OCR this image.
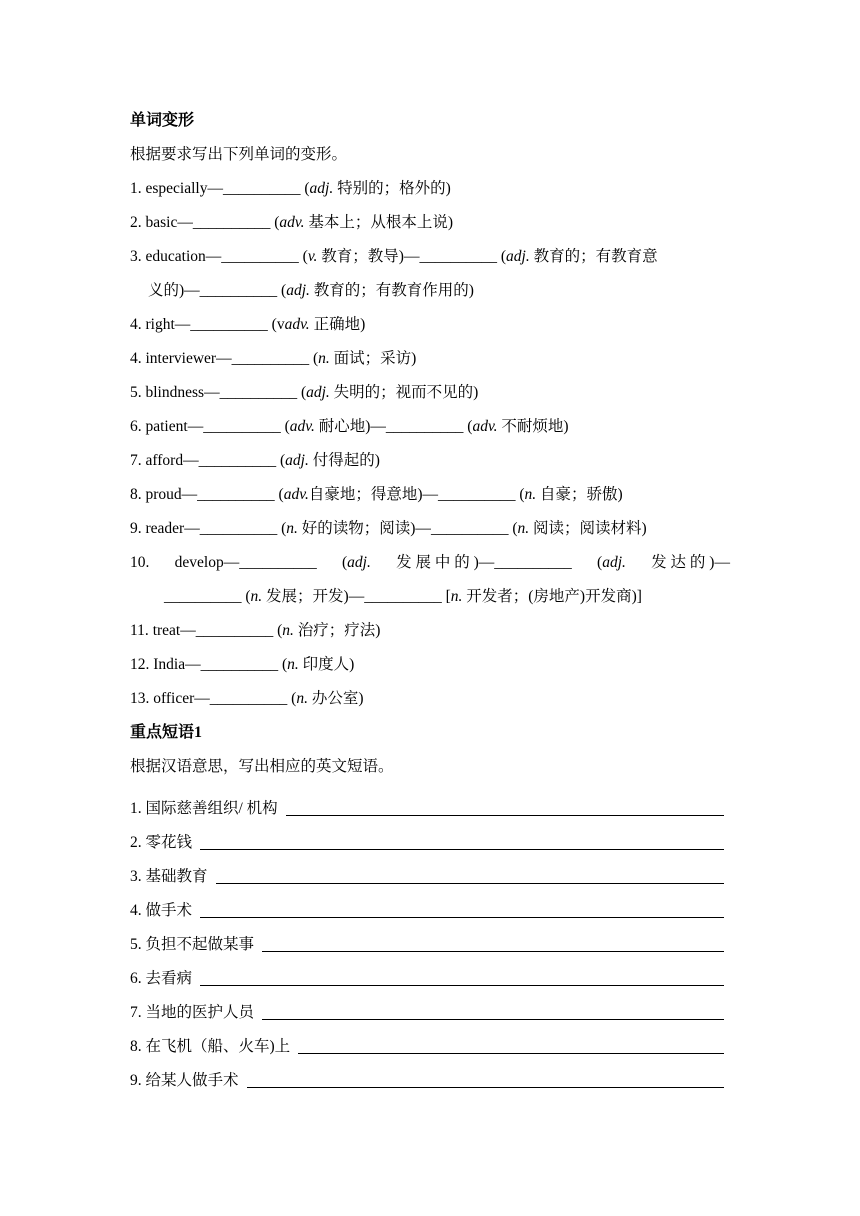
单词变形
根据要求写出下列单词的变形。
1. especially—__________ (adj. 特别的；格外的)
2. basic—__________ (adv. 基本上；从根本上说)
3. education—__________ (v. 教育；教导)—__________ (adj. 教育的；有教育意
义的)—__________ (adj. 教育的；有教育作用的)
4. right—__________ (vadv. 正确地)
4. interviewer—__________ (n. 面试；采访)
5. blindness—__________ (adj. 失明的；视而不见的)
6. patient—__________ (adv. 耐心地)—__________ (adv. 不耐烦地)
7. afford—__________ (adj. 付得起的)
8. proud—__________ (adv.自豪地；得意地)—__________ (n. 自豪；骄傲)
9. reader—__________ (n. 好的读物；阅读)—__________ (n. 阅读；阅读材料)
10. develop—__________ (adj. 发 展 中 的 )—__________ (adj. 发 达 的 )—
__________ (n. 发展；开发)—__________ [n. 开发者；(房地产)开发商)]
11. treat—__________ (n. 治疗；疗法)
12. India—__________ (n. 印度人)
13. officer—__________ (n. 办公室)
重点短语1
根据汉语意思，写出相应的英文短语。
1. 国际慈善组织/ 机构
2. 零花钱
3. 基础教育
4. 做手术
5. 负担不起做某事
6. 去看病
7. 当地的医护人员
8. 在飞机（船、火车)上
9. 给某人做手术
